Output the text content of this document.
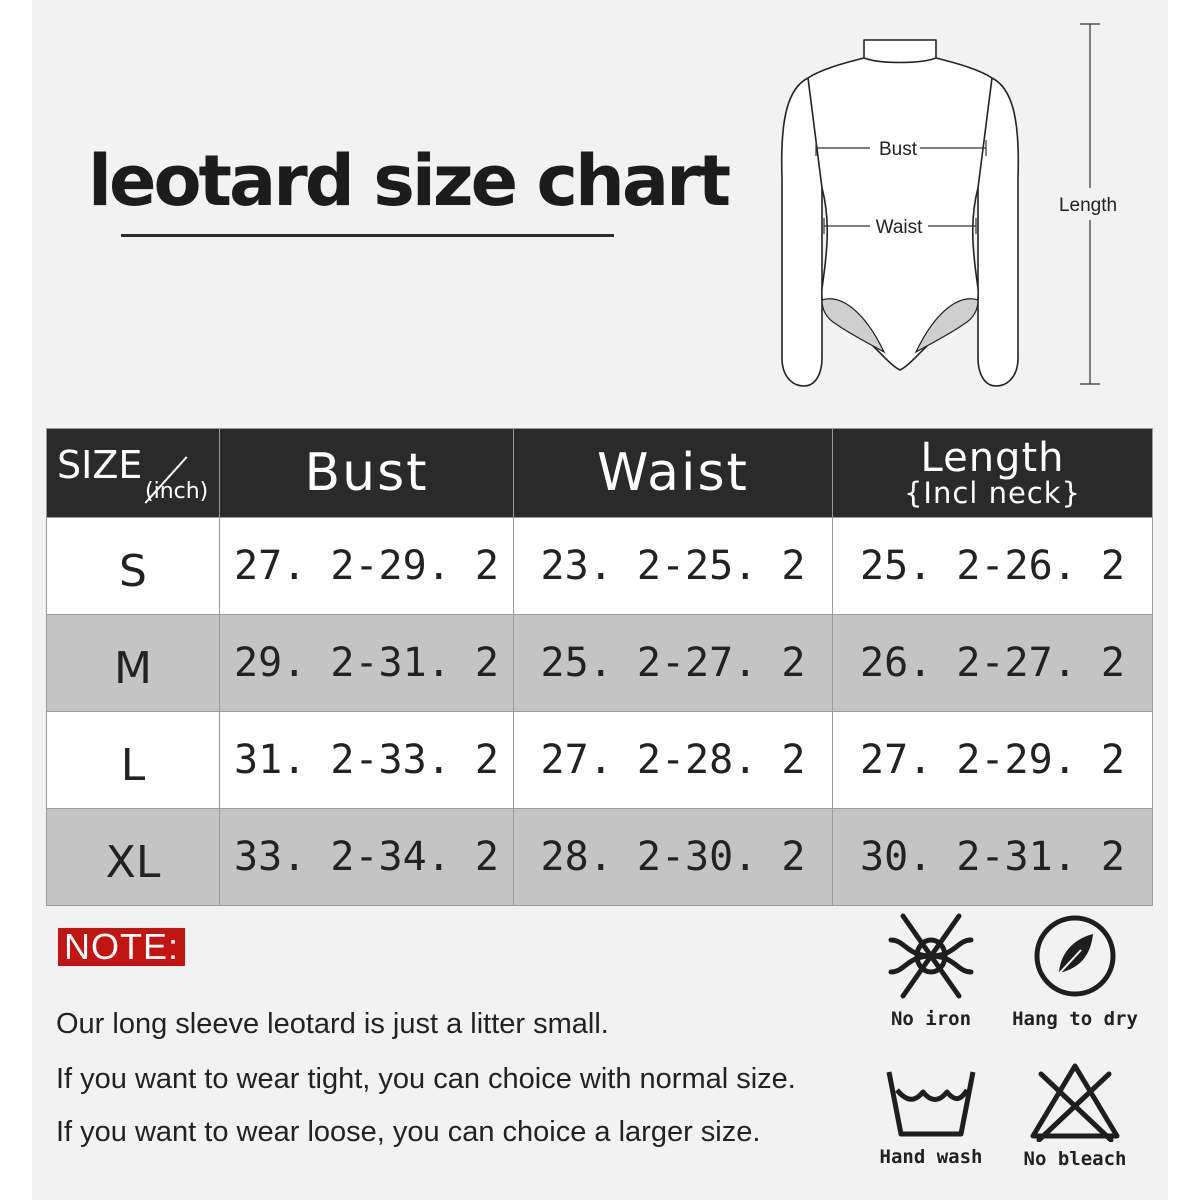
leotard size chart	Bust
Waist
Length
SIZE
(inch)	Bust	Waist	Length
{Incl neck}

S	27. 2-29. 2	23. 2-25. 2	25. 2-26. 2
M	29. 2-31. 2	25. 2-27. 2	26. 2-27. 2
L	31. 2-33. 2	27. 2-28. 2	27. 2-29. 2
XL	33. 2-34. 2	28. 2-30. 2	30. 2-31. 2
NOTE:
Our long sleeve leotard is just a litter small.
If you want to wear tight, you can choice with normal size.
If you want to wear loose, you can choice a larger size.
No iron	Hang to dry
Hand wash	No bleach
